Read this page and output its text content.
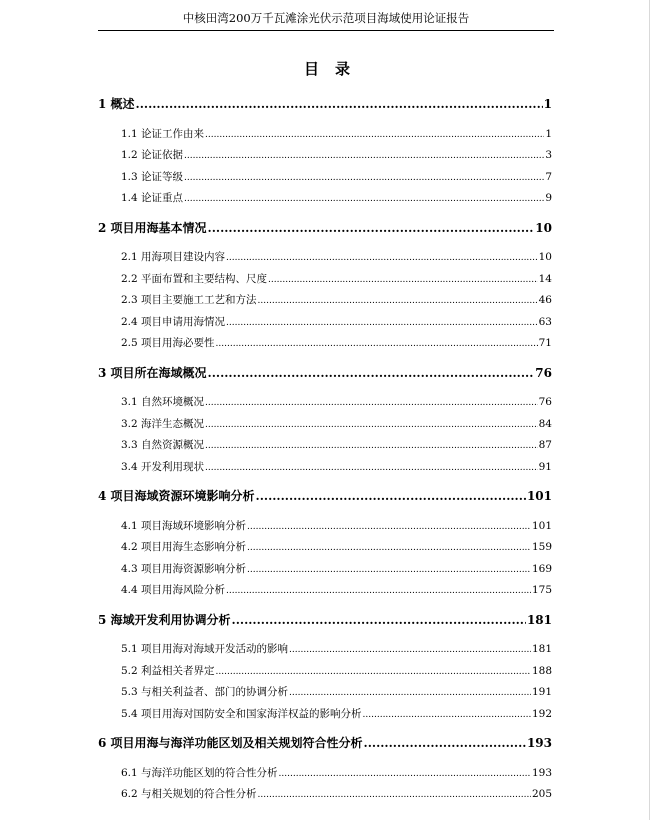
中核田湾200万千瓦滩涂光伏示范项目海域使用论证报告
目录
1 概述 .....	1
1.1 论证工作由来 .....	1
1.2 论证依据 .....	3
1.3 论证等级 .....	7
1.4 论证重点 .....	9
2 项目用海基本情况 .....	10
2.1 用海项目建设内容 .....	10
2.2 平面布置和主要结构、尺度 .....	14
2.3 项目主要施工工艺和方法 .....	46
2.4 项目申请用海情况 .....	63
2.5 项目用海必要性 .....	71
3 项目所在海域概况 .....	76
3.1 自然环境概况 .....	76
3.2 海洋生态概况 .....	84
3.3 自然资源概况 .....	87
3.4 开发利用现状 .....	91
4 项目海域资源环境影响分析 .....	101
4.1 项目海域环境影响分析 .....	101
4.2 项目用海生态影响分析 .....	159
4.3 项目用海资源影响分析 .....	169
4.4 项目用海风险分析 .....	175
5 海域开发利用协调分析 .....	181
5.1 项目用海对海域开发活动的影响 .....	181
5.2 利益相关者界定 .....	188
5.3 与相关利益者、部门的协调分析 .....	191
5.4 项目用海对国防安全和国家海洋权益的影响分析 .....	192
6 项目用海与海洋功能区划及相关规划符合性分析 .....	193
6.1 与海洋功能区划的符合性分析 .....	193
6.2 与相关规划的符合性分析 .....	205
